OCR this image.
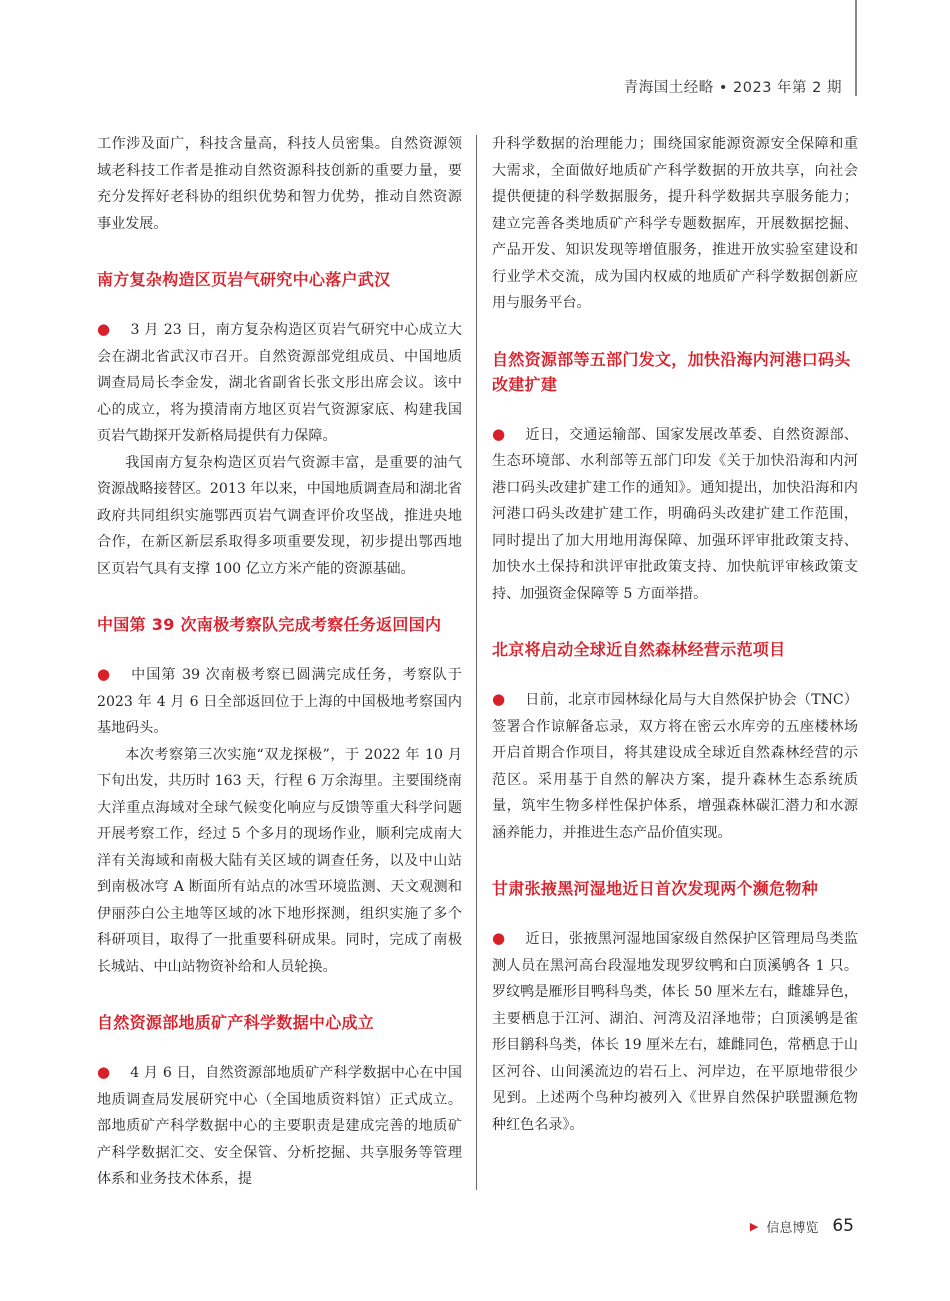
青海国土经略 • 2023 年第 2 期

工作涉及面广，科技含量高，科技人员密集。自然资源领域老科技工作者是推动自然资源科技创新的重要力量，要充分发挥好老科协的组织优势和智力优势，推动自然资源事业发展。

南方复杂构造区页岩气研究中心落户武汉

● 3 月 23 日，南方复杂构造区页岩气研究中心成立大会在湖北省武汉市召开。自然资源部党组成员、中国地质调查局局长李金发，湖北省副省长张文彤出席会议。该中心的成立，将为摸清南方地区页岩气资源家底、构建我国页岩气勘探开发新格局提供有力保障。

我国南方复杂构造区页岩气资源丰富，是重要的油气资源战略接替区。2013 年以来，中国地质调查局和湖北省政府共同组织实施鄂西页岩气调查评价攻坚战，推进央地合作，在新区新层系取得多项重要发现，初步提出鄂西地区页岩气具有支撑 100 亿立方米产能的资源基础。

中国第 39 次南极考察队完成考察任务返回国内

● 中国第 39 次南极考察已圆满完成任务，考察队于 2023 年 4 月 6 日全部返回位于上海的中国极地考察国内基地码头。

本次考察第三次实施“双龙探极”，于 2022 年 10 月下旬出发，共历时 163 天，行程 6 万余海里。主要围绕南大洋重点海域对全球气候变化响应与反馈等重大科学问题开展考察工作，经过 5 个多月的现场作业，顺利完成南大洋有关海域和南极大陆有关区域的调查任务，以及中山站到南极冰穹 A 断面所有站点的冰雪环境监测、天文观测和伊丽莎白公主地等区域的冰下地形探测，组织实施了多个科研项目，取得了一批重要科研成果。同时，完成了南极长城站、中山站物资补给和人员轮换。

自然资源部地质矿产科学数据中心成立

● 4 月 6 日，自然资源部地质矿产科学数据中心在中国地质调查局发展研究中心（全国地质资料馆）正式成立。部地质矿产科学数据中心的主要职责是建成完善的地质矿产科学数据汇交、安全保管、分析挖掘、共享服务等管理体系和业务技术体系，提

升科学数据的治理能力；围绕国家能源资源安全保障和重大需求，全面做好地质矿产科学数据的开放共享，向社会提供便捷的科学数据服务，提升科学数据共享服务能力；建立完善各类地质矿产科学专题数据库，开展数据挖掘、产品开发、知识发现等增值服务，推进开放实验室建设和行业学术交流，成为国内权威的地质矿产科学数据创新应用与服务平台。

自然资源部等五部门发文，加快沿海内河港口码头改建扩建

● 近日，交通运输部、国家发展改革委、自然资源部、生态环境部、水利部等五部门印发《关于加快沿海和内河港口码头改建扩建工作的通知》。通知提出，加快沿海和内河港口码头改建扩建工作，明确码头改建扩建工作范围，同时提出了加大用地用海保障、加强环评审批政策支持、加快水土保持和洪评审批政策支持、加快航评审核政策支持、加强资金保障等 5 方面举措。

北京将启动全球近自然森林经营示范项目

● 日前，北京市园林绿化局与大自然保护协会（TNC）签署合作谅解备忘录，双方将在密云水库旁的五座楼林场开启首期合作项目，将其建设成全球近自然森林经营的示范区。采用基于自然的解决方案，提升森林生态系统质量，筑牢生物多样性保护体系，增强森林碳汇潜力和水源涵养能力，并推进生态产品价值实现。

甘肃张掖黑河湿地近日首次发现两个濒危物种

● 近日，张掖黑河湿地国家级自然保护区管理局鸟类监测人员在黑河高台段湿地发现罗纹鸭和白顶溪鸲各 1 只。罗纹鸭是雁形目鸭科鸟类，体长 50 厘米左右，雌雄异色，主要栖息于江河、湖泊、河湾及沼泽地带；白顶溪鸲是雀形目鹟科鸟类，体长 19 厘米左右，雄雌同色，常栖息于山区河谷、山间溪流边的岩石上、河岸边，在平原地带很少见到。上述两个鸟种均被列入《世界自然保护联盟濒危物种红色名录》。

▶ 信息博览 65
